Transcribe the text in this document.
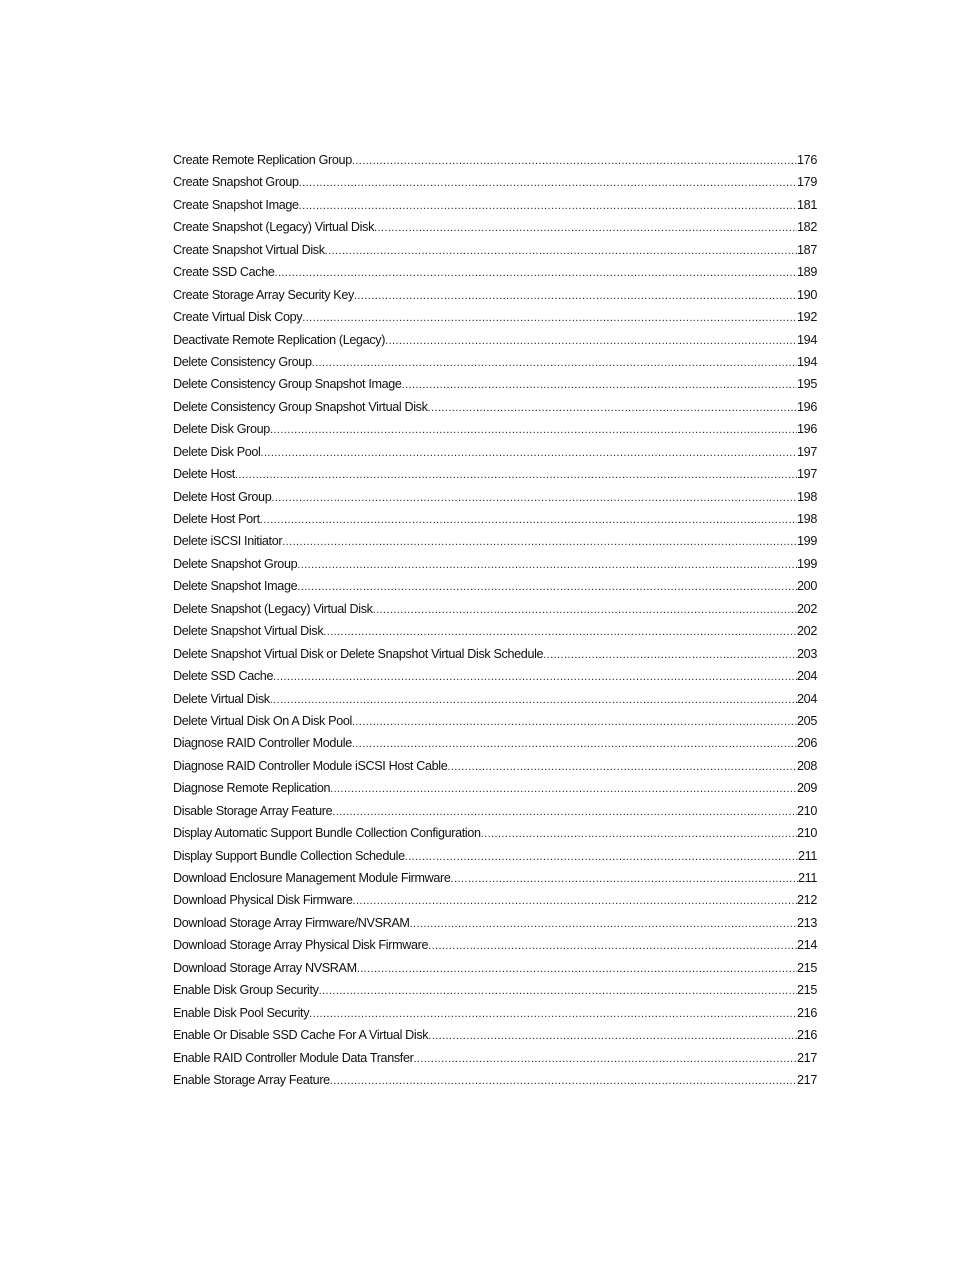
Create Remote Replication Group .....	176
Create Snapshot Group .....	179
Create Snapshot Image .....	181
Create Snapshot (Legacy) Virtual Disk .....	182
Create Snapshot Virtual Disk .....	187
Create SSD Cache .....	189
Create Storage Array Security Key .....	190
Create Virtual Disk Copy .....	192
Deactivate Remote Replication (Legacy) .....	194
Delete Consistency Group .....	194
Delete Consistency Group Snapshot Image .....	195
Delete Consistency Group Snapshot Virtual Disk .....	196
Delete Disk Group .....	196
Delete Disk Pool .....	197
Delete Host .....	197
Delete Host Group .....	198
Delete Host Port .....	198
Delete iSCSI Initiator .....	199
Delete Snapshot Group .....	199
Delete Snapshot Image .....	200
Delete Snapshot (Legacy) Virtual Disk .....	202
Delete Snapshot Virtual Disk .....	202
Delete Snapshot Virtual Disk or Delete Snapshot Virtual Disk Schedule .....	203
Delete SSD Cache .....	204
Delete Virtual Disk .....	204
Delete Virtual Disk On A Disk Pool .....	205
Diagnose RAID Controller Module .....	206
Diagnose RAID Controller Module iSCSI Host Cable .....	208
Diagnose Remote Replication .....	209
Disable Storage Array Feature .....	210
Display Automatic Support Bundle Collection Configuration .....	210
Display Support Bundle Collection Schedule .....	211
Download Enclosure Management Module Firmware .....	211
Download Physical Disk Firmware .....	212
Download Storage Array Firmware/NVSRAM .....	213
Download Storage Array Physical Disk Firmware .....	214
Download Storage Array NVSRAM .....	215
Enable Disk Group Security .....	215
Enable Disk Pool Security .....	216
Enable Or Disable SSD Cache For A Virtual Disk .....	216
Enable RAID Controller Module Data Transfer .....	217
Enable Storage Array Feature .....	217
